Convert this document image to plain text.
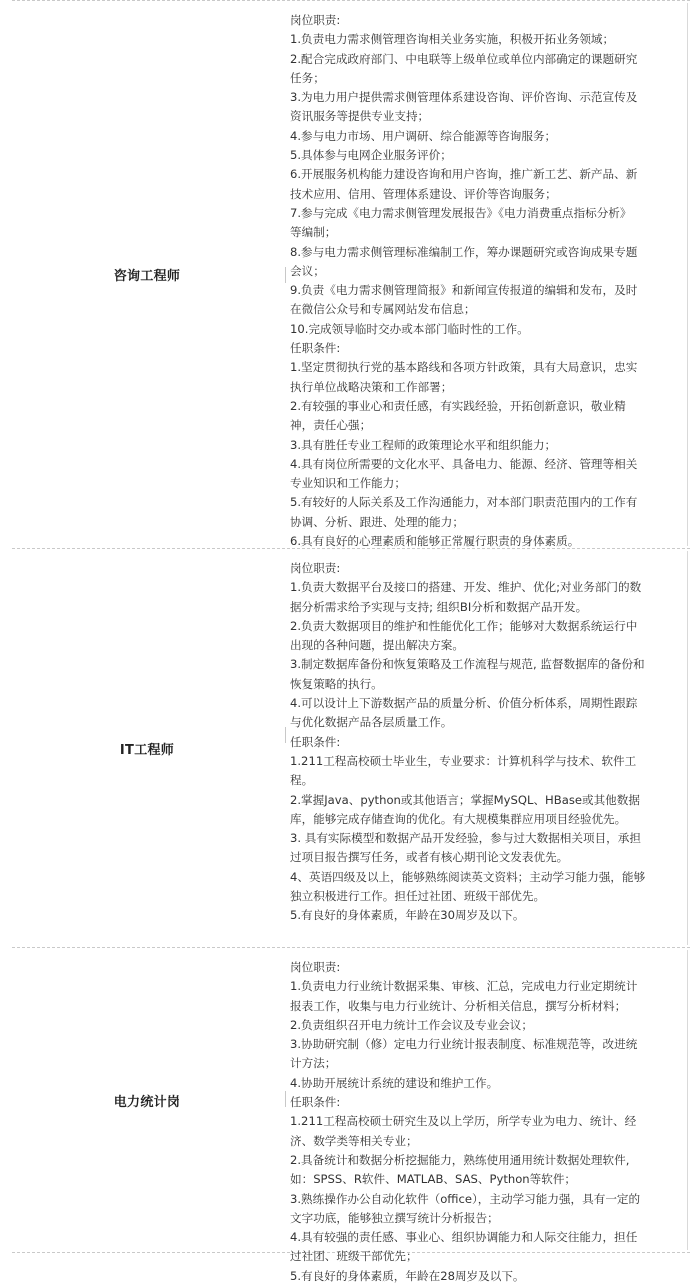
咨询工程师
岗位职责:
1.负责电力需求侧管理咨询相关业务实施，积极开拓业务领域；
2.配合完成政府部门、中电联等上级单位或单位内部确定的课题研究
任务；
3.为电力用户提供需求侧管理体系建设咨询、评价咨询、示范宣传及
资讯服务等提供专业支持；
4.参与电力市场、用户调研、综合能源等咨询服务；
5.具体参与电网企业服务评价；
6.开展服务机构能力建设咨询和用户咨询，推广新工艺、新产品、新
技术应用、信用、管理体系建设、评价等咨询服务；
7.参与完成《电力需求侧管理发展报告》《电力消费重点指标分析》
等编制；
8.参与电力需求侧管理标准编制工作，筹办课题研究或咨询成果专题
会议；
9.负责《电力需求侧管理简报》和新闻宣传报道的编辑和发布，及时
在微信公众号和专属网站发布信息；
10.完成领导临时交办或本部门临时性的工作。
任职条件:
1.坚定贯彻执行党的基本路线和各项方针政策，具有大局意识，忠实
执行单位战略决策和工作部署；
2.有较强的事业心和责任感，有实践经验，开拓创新意识，敬业精
神，责任心强；
3.具有胜任专业工程师的政策理论水平和组织能力；
4.具有岗位所需要的文化水平、具备电力、能源、经济、管理等相关
专业知识和工作能力；
5.有较好的人际关系及工作沟通能力，对本部门职责范围内的工作有
协调、分析、跟进、处理的能力；
6.具有良好的心理素质和能够正常履行职责的身体素质。
IT工程师
岗位职责:
1.负责大数据平台及接口的搭建、开发、维护、优化;对业务部门的数
据分析需求给予实现与支持; 组织BI分析和数据产品开发。
2.负责大数据项目的维护和性能优化工作；能够对大数据系统运行中
出现的各种问题，提出解决方案。
3.制定数据库备份和恢复策略及工作流程与规范, 监督数据库的备份和
恢复策略的执行。
4.可以设计上下游数据产品的质量分析、价值分析体系，周期性跟踪
与优化数据产品各层质量工作。
任职条件:
1.211工程高校硕士毕业生，专业要求：计算机科学与技术、软件工
程。
2.掌握Java、python或其他语言；掌握MySQL、HBase或其他数据
库，能够完成存储查询的优化。有大规模集群应用项目经验优先。
3. 具有实际模型和数据产品开发经验，参与过大数据相关项目，承担
过项目报告撰写任务，或者有核心期刊论文发表优先。
4、英语四级及以上，能够熟练阅读英文资料；主动学习能力强，能够
独立积极进行工作。担任过社团、班级干部优先。
5.有良好的身体素质，年龄在30周岁及以下。
电力统计岗
岗位职责:
1.负责电力行业统计数据采集、审核、汇总，完成电力行业定期统计
报表工作，收集与电力行业统计、分析相关信息，撰写分析材料；
2.负责组织召开电力统计工作会议及专业会议；
3.协助研究制（修）定电力行业统计报表制度、标准规范等，改进统
计方法；
4.协助开展统计系统的建设和维护工作。
任职条件:
1.211工程高校硕士研究生及以上学历，所学专业为电力、统计、经
济、数学类等相关专业；
2.具备统计和数据分析挖掘能力，熟练使用通用统计数据处理软件,
如：SPSS、R软件、MATLAB、SAS、Python等软件；
3.熟练操作办公自动化软件（office），主动学习能力强，具有一定的
文字功底，能够独立撰写统计分析报告；
4.具有较强的责任感、事业心、组织协调能力和人际交往能力，担任
过社团、班级干部优先；
5.有良好的身体素质，年龄在28周岁及以下。
